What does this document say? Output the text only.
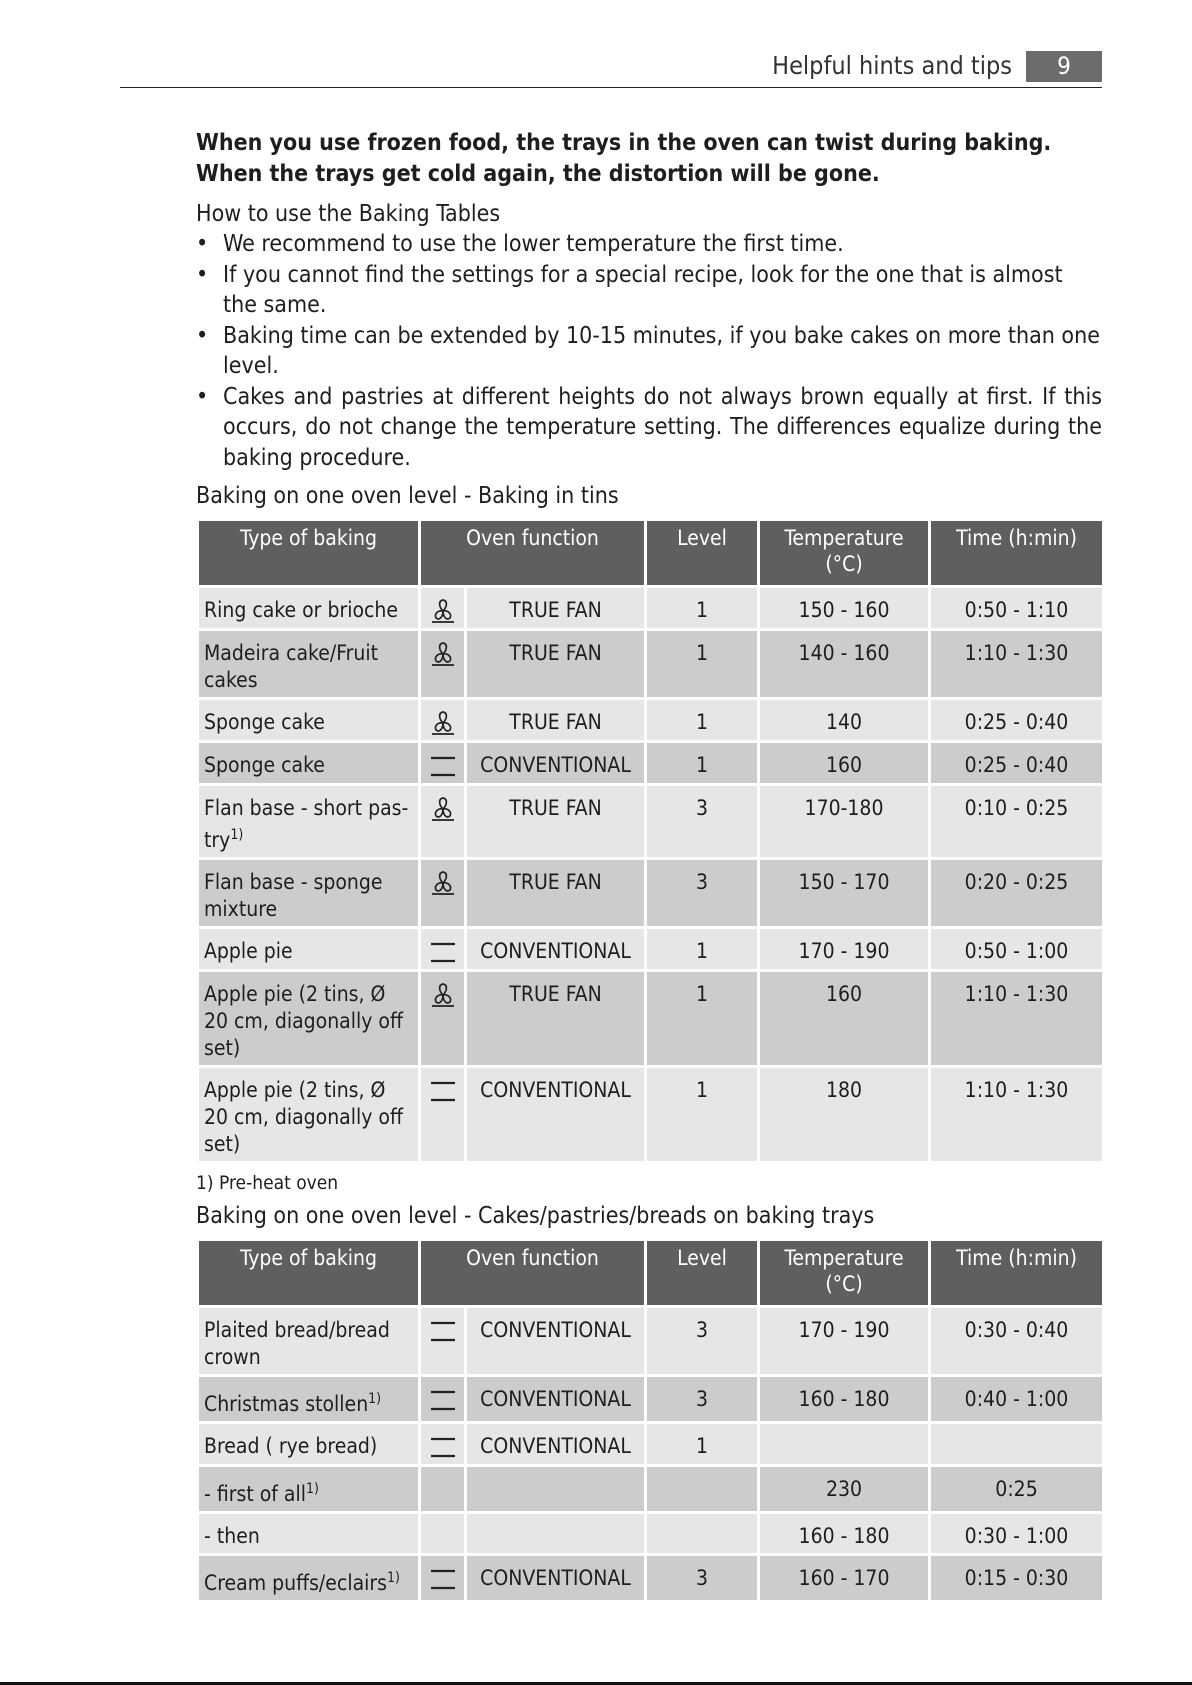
Helpful hints and tips	9

When you use frozen food, the trays in the oven can twist during baking. When the trays get cold again, the distortion will be gone.

How to use the Baking Tables
• We recommend to use the lower temperature the first time.
• If you cannot find the settings for a special recipe, look for the one that is almost the same.
• Baking time can be extended by 10-15 minutes, if you bake cakes on more than one level.
• Cakes and pastries at different heights do not always brown equally at first. If this occurs, do not change the temperature setting. The differences equalize during the baking procedure.
Baking on one oven level - Baking in tins
Type of baking	Oven function		Level	Temperature (°C)	Time (h:min)
Ring cake or brioche		TRUE FAN	1	150 - 160	0:50 - 1:10
Madeira cake/Fruit cakes		TRUE FAN	1	140 - 160	1:10 - 1:30
Sponge cake		TRUE FAN	1	140	0:25 - 0:40
Sponge cake		CONVENTIONAL	1	160	0:25 - 0:40
Flan base - short pas-try$^{1)}$		TRUE FAN	3	170-180	0:10 - 0:25
Flan base - sponge mixture		TRUE FAN	3	150 - 170	0:20 - 0:25
Apple pie		CONVENTIONAL	1	170 - 190	0:50 - 1:00
Apple pie (2 tins, Ø 20 cm, diagonally off set)		TRUE FAN	1	160	1:10 - 1:30
Apple pie (2 tins, Ø 20 cm, diagonally off set)		CONVENTIONAL	1	180	1:10 - 1:30
1) Pre-heat oven
Baking on one oven level - Cakes/pastries/breads on baking trays
Type of baking	Oven function		Level	Temperature (°C)	Time (h:min)
Plaited bread/bread crown		CONVENTIONAL	3	170 - 190	0:30 - 0:40
Christmas stollen$^{1)}$		CONVENTIONAL	3	160 - 180	0:40 - 1:00
Bread ( rye bread)		CONVENTIONAL	1		
- first of all$^{1)}$				230	0:25
- then				160 - 180	0:30 - 1:00
Cream puffs/eclairs$^{1)}$		CONVENTIONAL	3	160 - 170	0:15 - 0:30
